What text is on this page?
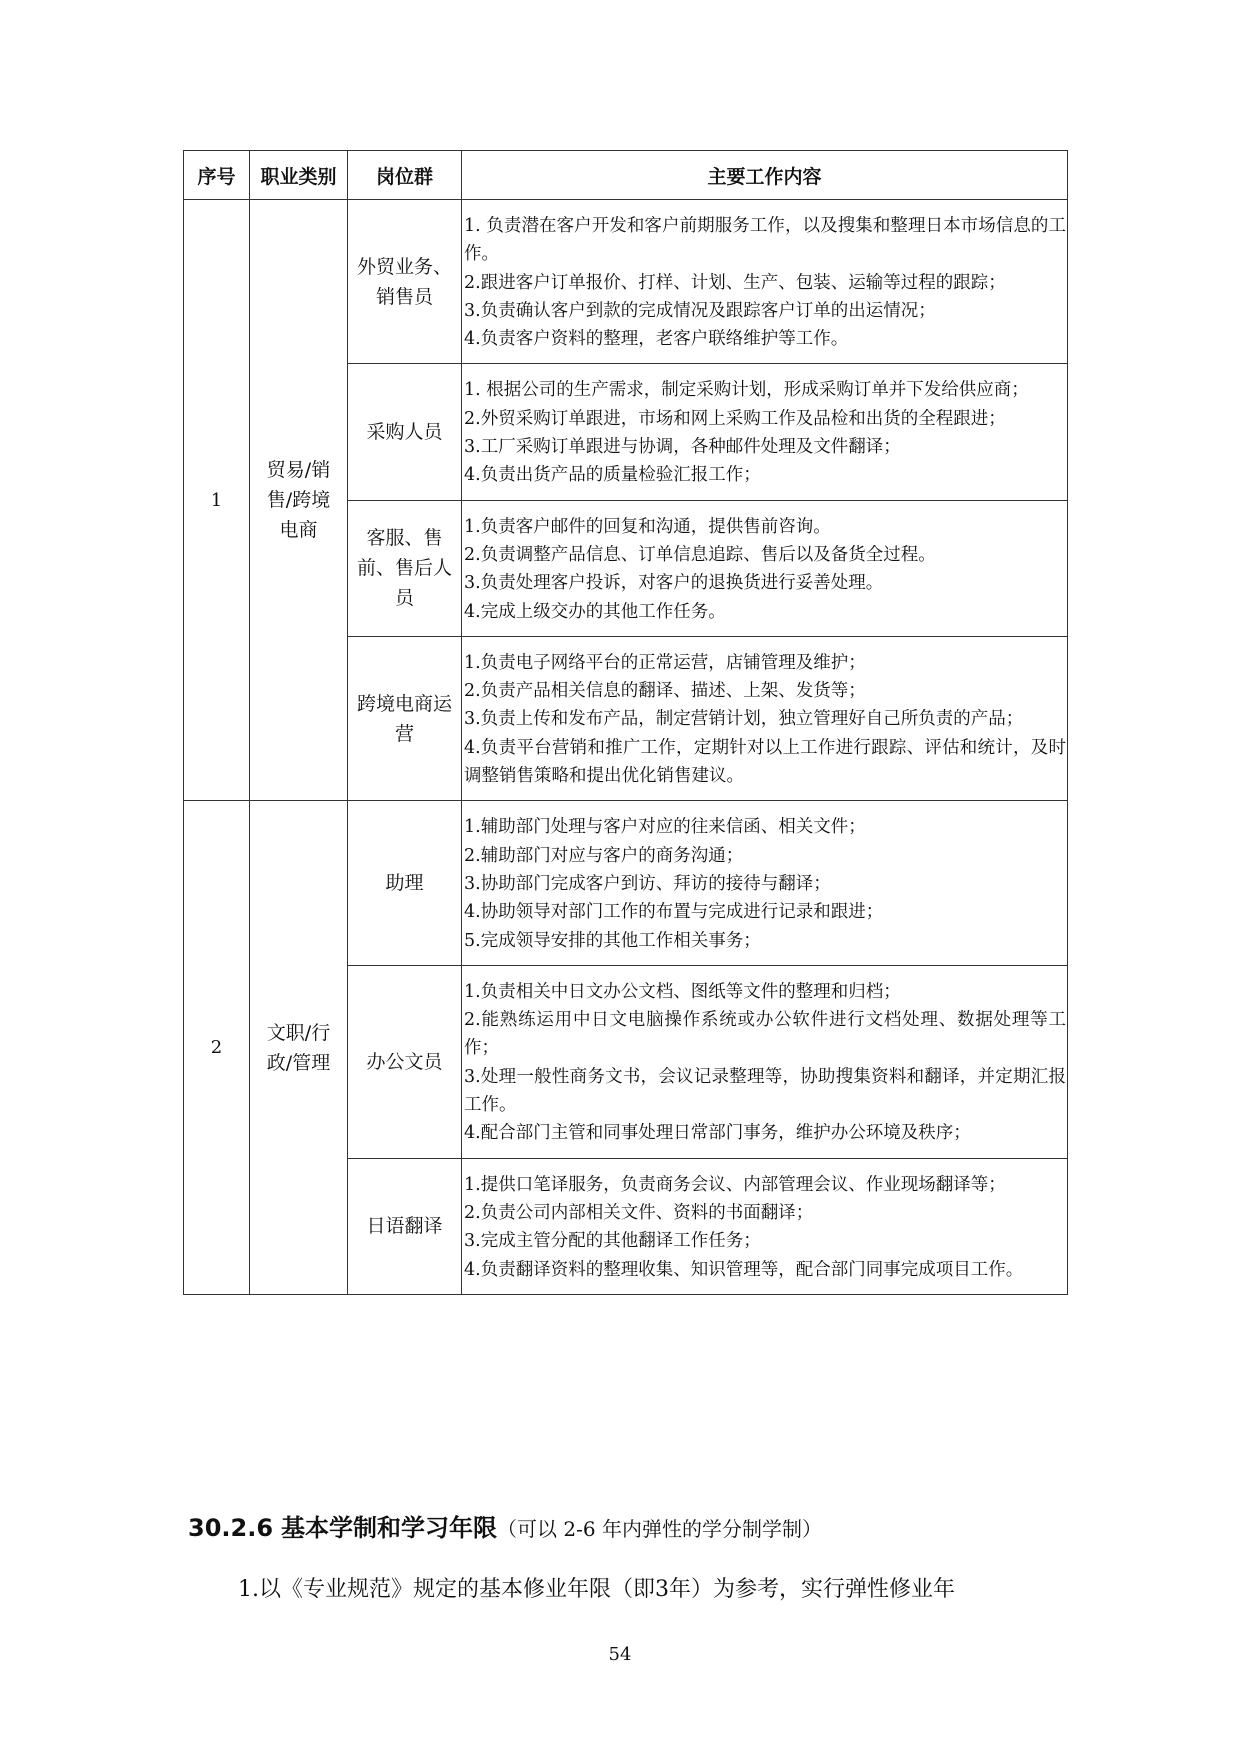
序号	职业类别	岗位群	主要工作内容
1	贸易/销售/跨境电商	外贸业务、销售员	1. 负责潜在客户开发和客户前期服务工作，以及搜集和整理日本市场信息的工作。
2.跟进客户订单报价、打样、计划、生产、包装、运输等过程的跟踪；
3.负责确认客户到款的完成情况及跟踪客户订单的出运情况；
4.负责客户资料的整理，老客户联络维护等工作。

		采购人员	1. 根据公司的生产需求，制定采购计划，形成采购订单并下发给供应商；
2.外贸采购订单跟进，市场和网上采购工作及品检和出货的全程跟进；
3.工厂采购订单跟进与协调，各种邮件处理及文件翻译；
4.负责出货产品的质量检验汇报工作；

		客服、售前、售后人员	1.负责客户邮件的回复和沟通，提供售前咨询。
2.负责调整产品信息、订单信息追踪、售后以及备货全过程。
3.负责处理客户投诉，对客户的退换货进行妥善处理。
4.完成上级交办的其他工作任务。

		跨境电商运营	1.负责电子网络平台的正常运营，店铺管理及维护；
2.负责产品相关信息的翻译、描述、上架、发货等；
3.负责上传和发布产品，制定营销计划，独立管理好自己所负责的产品；
4.负责平台营销和推广工作，定期针对以上工作进行跟踪、评估和统计，及时调整销售策略和提出优化销售建议。

2	文职/行政/管理	助理	1.辅助部门处理与客户对应的往来信函、相关文件；
2.辅助部门对应与客户的商务沟通；
3.协助部门完成客户到访、拜访的接待与翻译；
4.协助领导对部门工作的布置与完成进行记录和跟进；
5.完成领导安排的其他工作相关事务；

		办公文员	1.负责相关中日文办公文档、图纸等文件的整理和归档；
2.能熟练运用中日文电脑操作系统或办公软件进行文档处理、数据处理等工作；
3.处理一般性商务文书，会议记录整理等，协助搜集资料和翻译，并定期汇报工作。
4.配合部门主管和同事处理日常部门事务，维护办公环境及秩序；

		日语翻译	1.提供口笔译服务，负责商务会议、内部管理会议、作业现场翻译等；
2.负责公司内部相关文件、资料的书面翻译；
3.完成主管分配的其他翻译工作任务；
4.负责翻译资料的整理收集、知识管理等，配合部门同事完成项目工作。
30.2.6 基本学制和学习年限（可以 2-6 年内弹性的学分制学制）
1.以《专业规范》规定的基本修业年限（即3年）为参考，实行弹性修业年
54
